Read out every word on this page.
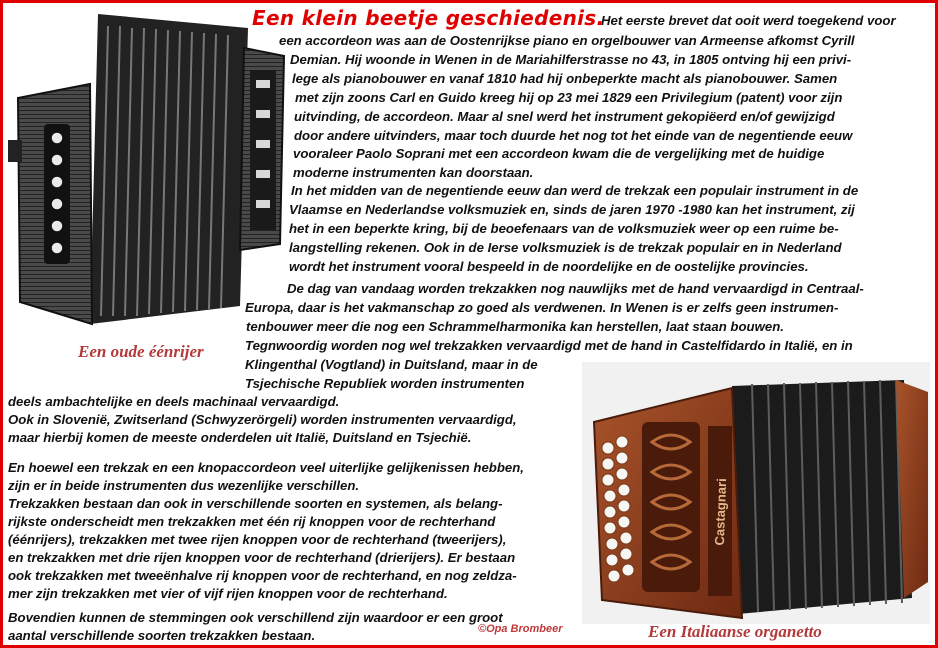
Een klein beetje geschiedenis.
Castagnari
Het eerste brevet dat ooit werd toegekend voor
een accordeon was aan de Oostenrijkse piano en orgelbouwer van Armeense afkomst Cyrill
Demian. Hij woonde in Wenen in de Mariahilferstrasse no 43, in 1805 ontving hij een privi-
lege als pianobouwer en vanaf 1810 had hij onbeperkte macht als pianobouwer. Samen
met zijn zoons Carl en Guido kreeg hij op 23 mei 1829 een Privilegium (patent) voor zijn
uitvinding, de accordeon. Maar al snel werd het instrument gekopiëerd en/of gewijzigd
door andere uitvinders, maar toch duurde het nog tot het einde van de negentiende eeuw
vooraleer Paolo Soprani met een accordeon kwam die de vergelijking met de huidige
moderne instrumenten kan doorstaan.
In het midden van de negentiende eeuw dan werd de trekzak een populair instrument in de
Vlaamse en Nederlandse volksmuziek en, sinds de jaren 1970 -1980 kan het instrument, zij
het in een beperkte kring, bij de beoefenaars van de volksmuziek weer op een ruime be-
langstelling rekenen. Ook in de Ierse volksmuziek is de trekzak populair en in Nederland
wordt het instrument vooral bespeeld in de noordelijke en de oostelijke provincies.
De dag van vandaag worden trekzakken nog nauwlijks met de hand vervaardigd in Centraal-
Europa, daar is het vakmanschap zo goed als verdwenen. In Wenen is er zelfs geen instrumen-
tenbouwer meer die nog een Schrammelharmonika kan herstellen, laat staan bouwen.
Tegnwoordig worden nog wel trekzakken vervaardigd met de hand in Castelfidardo in Italië, en in
Klingenthal (Vogtland) in Duitsland, maar in de
Tsjechische Republiek worden instrumenten
deels ambachtelijke en deels machinaal vervaardigd.
Ook in Slovenië, Zwitserland (Schwyzerörgeli) worden instrumenten vervaardigd,
maar hierbij komen de meeste onderdelen uit Italië, Duitsland en Tsjechië.
En hoewel een trekzak en een knopaccordeon veel uiterlijke gelijkenissen hebben,
zijn er in beide instrumenten dus wezenlijke verschillen.
Trekzakken bestaan dan ook in verschillende soorten en systemen, als belang-
rijkste onderscheidt men trekzakken met één rij knoppen voor de rechterhand
(éénrijers), trekzakken met twee rijen knoppen voor de rechterhand (tweerijers),
en trekzakken met drie rijen knoppen voor de rechterhand (drierijers). Er bestaan
ook trekzakken met tweeënhalve rij knoppen voor de rechterhand, en nog zeldza-
mer zijn trekzakken met vier of vijf rijen knoppen voor de rechterhand.
Bovendien kunnen de stemmingen ook verschillend zijn waardoor er een groot
aantal verschillende soorten trekzakken bestaan.
Een oude éénrijer
Een Italiaanse organetto
©Opa Brombeer
